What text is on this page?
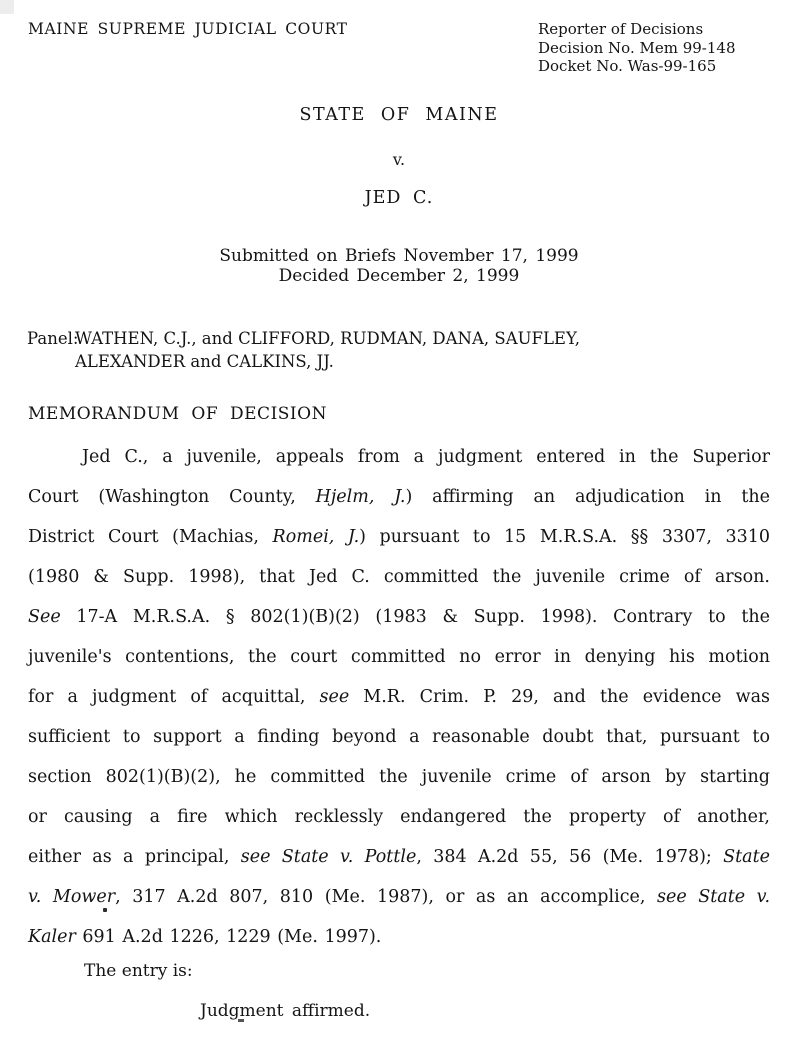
MAINE SUPREME JUDICIAL COURT	Reporter of Decisions
Decision No. Mem 99-148
Docket No. Was-99-165
STATE OF MAINE
v.
JED C.
Submitted on Briefs November 17, 1999
Decided December 2, 1999
Panel:
WATHEN, C.J., and CLIFFORD, RUDMAN, DANA, SAUFLEY,
ALEXANDER and CALKINS, JJ.
MEMORANDUM OF DECISION
Jed C., a juvenile, appeals from a judgment entered in the Superior
Court (Washington County, Hjelm, J.) affirming an adjudication in the
District Court (Machias, Romei, J.) pursuant to 15 M.R.S.A. §§ 3307, 3310
(1980 & Supp. 1998), that Jed C. committed the juvenile crime of arson.
See 17-A M.R.S.A. § 802(1)(B)(2) (1983 & Supp. 1998). Contrary to the
juvenile's contentions, the court committed no error in denying his motion
for a judgment of acquittal, see M.R. Crim. P. 29, and the evidence was
sufficient to support a finding beyond a reasonable doubt that, pursuant to
section 802(1)(B)(2), he committed the juvenile crime of arson by starting
or causing a fire which recklessly endangered the property of another,
either as a principal, see State v. Pottle, 384 A.2d 55, 56 (Me. 1978); State
v. Mower, 317 A.2d 807, 810 (Me. 1987), or as an accomplice, see State v.
Kaler 691 A.2d 1226, 1229 (Me. 1997).
The entry is:
Judgment affirmed.
